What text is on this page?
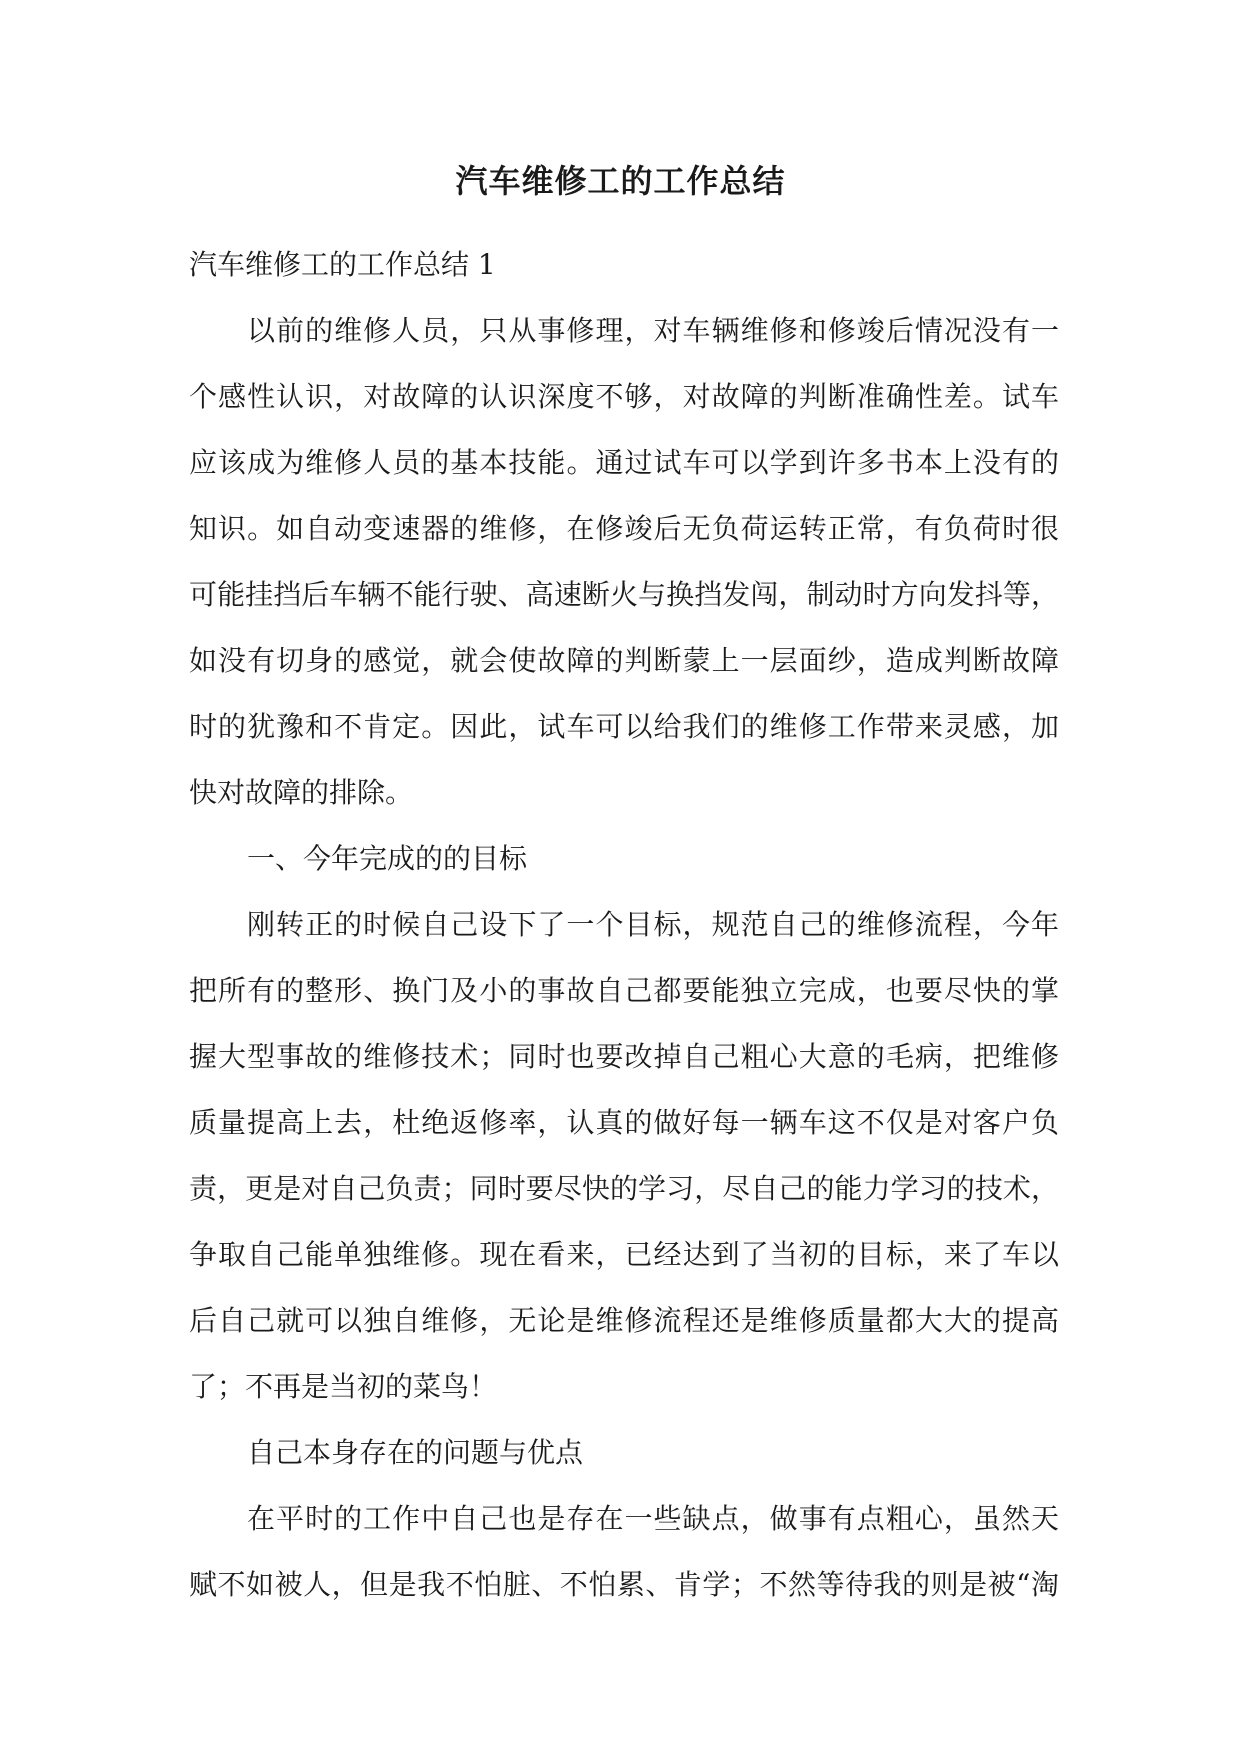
汽车维修工的工作总结
汽车维修工的工作总结 1
以前的维修人员，只从事修理，对车辆维修和修竣后情况没有一
个感性认识，对故障的认识深度不够，对故障的判断准确性差。试车
应该成为维修人员的基本技能。通过试车可以学到许多书本上没有的
知识。如自动变速器的维修，在修竣后无负荷运转正常，有负荷时很
可能挂挡后车辆不能行驶、高速断火与换挡发闯，制动时方向发抖等，
如没有切身的感觉，就会使故障的判断蒙上一层面纱，造成判断故障
时的犹豫和不肯定。因此，试车可以给我们的维修工作带来灵感，加
快对故障的排除。
一、今年完成的的目标
刚转正的时候自己设下了一个目标，规范自己的维修流程，今年
把所有的整形、换门及小的事故自己都要能独立完成，也要尽快的掌
握大型事故的维修技术；同时也要改掉自己粗心大意的毛病，把维修
质量提高上去，杜绝返修率，认真的做好每一辆车这不仅是对客户负
责，更是对自己负责；同时要尽快的学习，尽自己的能力学习的技术，
争取自己能单独维修。现在看来，已经达到了当初的目标，来了车以
后自己就可以独自维修，无论是维修流程还是维修质量都大大的提高
了；不再是当初的菜鸟！
自己本身存在的问题与优点
在平时的工作中自己也是存在一些缺点，做事有点粗心，虽然天
赋不如被人，但是我不怕脏、不怕累、肯学；不然等待我的则是被“淘
